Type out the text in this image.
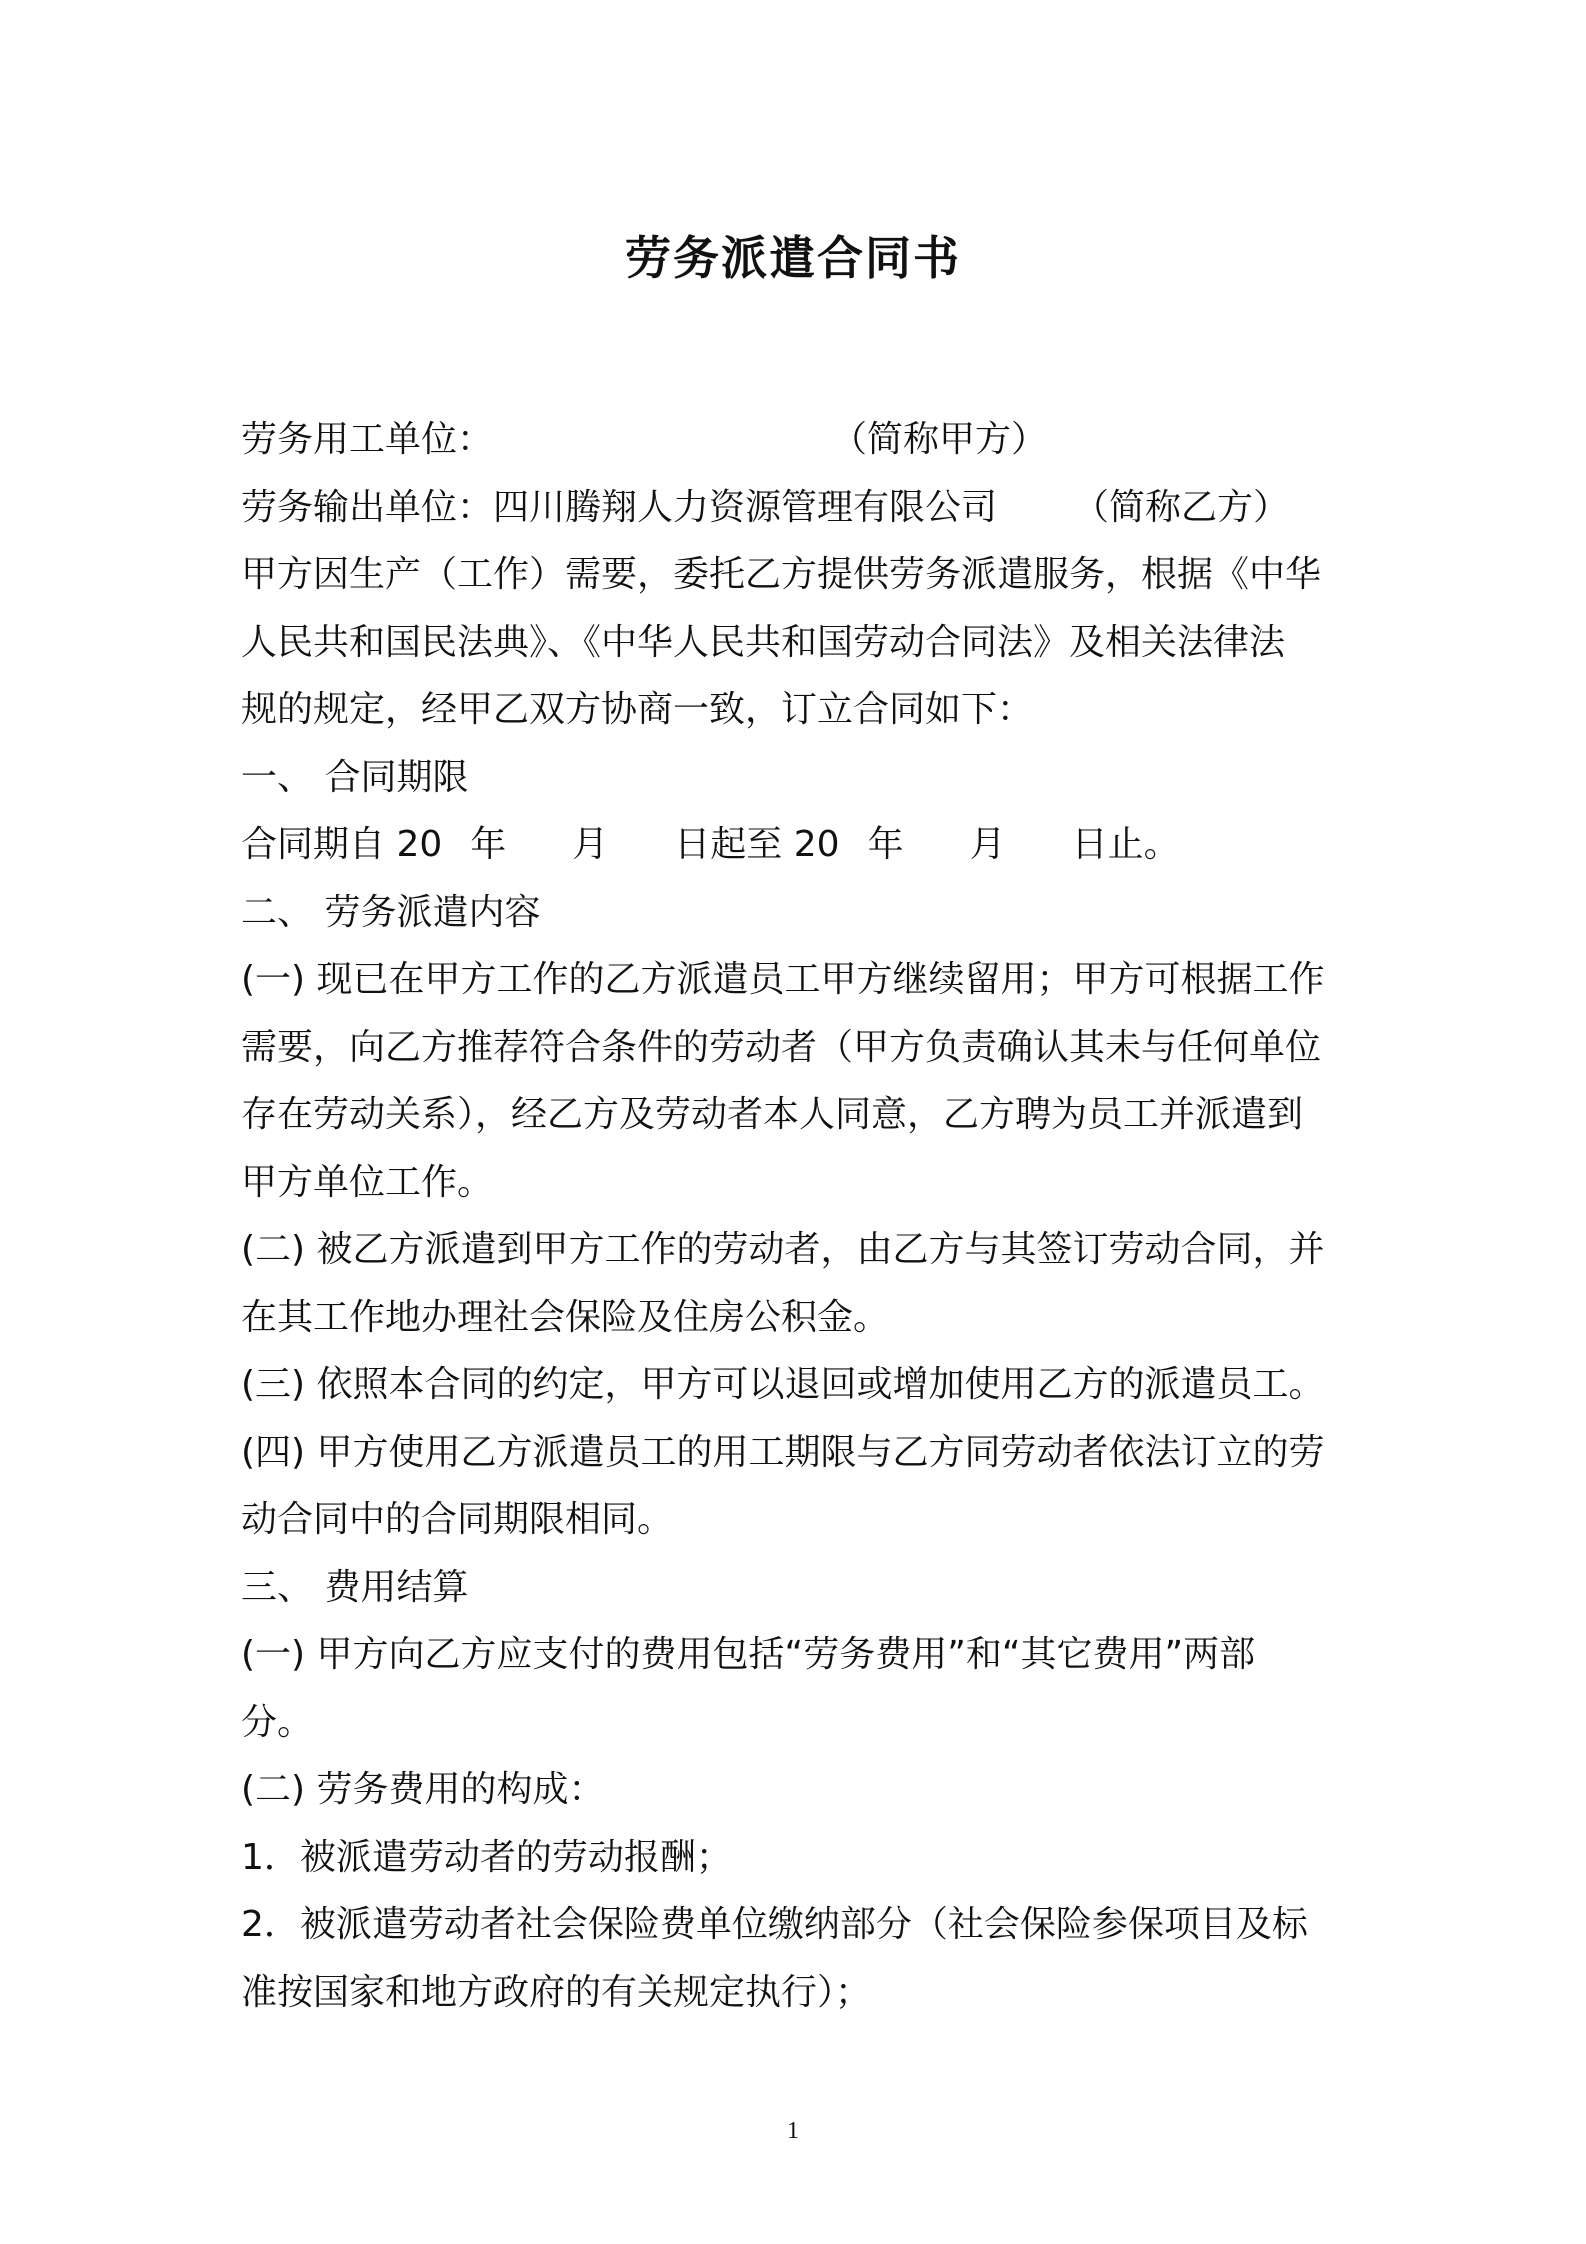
劳务派遣合同书
劳务用工单位：	（简称甲方）
劳务输出单位：四川腾翔人力资源管理有限公司 （简称乙方）
甲方因生产（工作）需要，委托乙方提供劳务派遣服务，根据《中华
人民共和国民法典》、《中华人民共和国劳动合同法》及相关法律法
规的规定，经甲乙双方协商一致，订立合同如下：
一、 合同期限
合同期自 20 年 月 日起至 20 年 月 日止。
二、 劳务派遣内容
(一) 现已在甲方工作的乙方派遣员工甲方继续留用；甲方可根据工作
需要，向乙方推荐符合条件的劳动者（甲方负责确认其未与任何单位
存在劳动关系），经乙方及劳动者本人同意，乙方聘为员工并派遣到
甲方单位工作。
(二) 被乙方派遣到甲方工作的劳动者，由乙方与其签订劳动合同，并
在其工作地办理社会保险及住房公积金。
(三) 依照本合同的约定，甲方可以退回或增加使用乙方的派遣员工。
(四) 甲方使用乙方派遣员工的用工期限与乙方同劳动者依法订立的劳
动合同中的合同期限相同。
三、 费用结算
(一) 甲方向乙方应支付的费用包括“劳务费用”和“其它费用”两部
分。
(二) 劳务费用的构成：
1．被派遣劳动者的劳动报酬；
2．被派遣劳动者社会保险费单位缴纳部分（社会保险参保项目及标
准按国家和地方政府的有关规定执行）；
1
